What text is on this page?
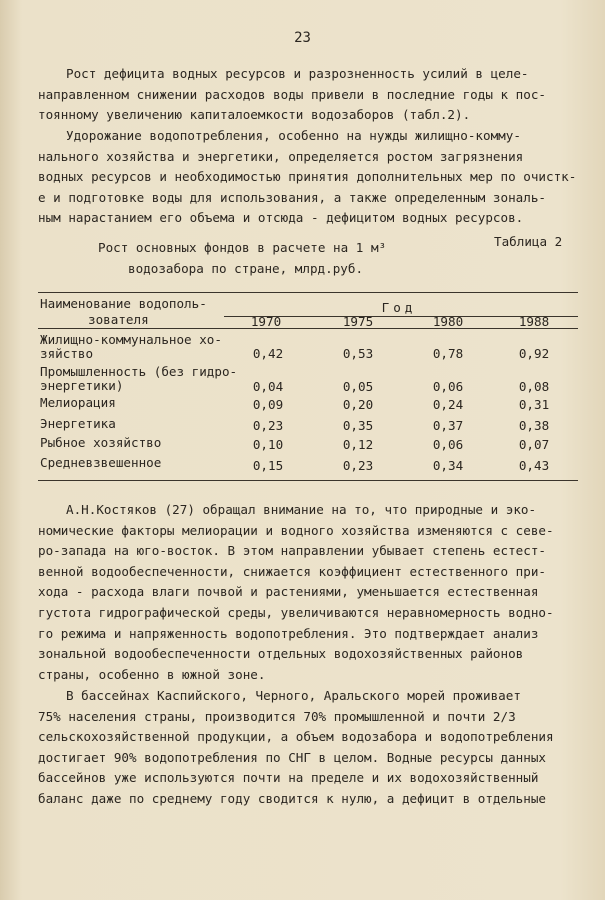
23

Рост дефицита водных ресурсов и разрозненность усилий в целе-
направленном снижении расходов воды привели в последние годы к пос-
тоянному увеличению капиталоемкости водозаборов (табл.2).

Удорожание водопотребления, особенно на нужды жилищно-комму-
нального хозяйства и энергетики, определяется ростом загрязнения
водных ресурсов и необходимостью принятия дополнительных мер по очистк-
е и подготовке воды для использования, а также определенным зональ-
ным нарастанием его объема и отсюда - дефицитом водных ресурсов.

Рост основных фондов в расчете на 1 м³	Таблица 2
водозабора по стране, млрд.руб.
Наименование водополь-
зователя
Год
1970	1975	1980	1988
Жилищно-коммунальное хо-
зяйство	0,42	0,53	0,78	0,92
Промышленность (без гидро-
энергетики)	0,04	0,05	0,06	0,08
Мелиорация	0,09	0,20	0,24	0,31
Энергетика	0,23	0,35	0,37	0,38
Рыбное хозяйство	0,10	0,12	0,06	0,07
Средневзвешенное	0,15	0,23	0,34	0,43

А.Н.Костяков (27) обращал внимание на то, что природные и эко-
номические факторы мелиорации и водного хозяйства изменяются с севе-
ро-запада на юго-восток. В этом направлении убывает степень естест-
венной водообеспеченности, снижается коэффициент естественного при-
хода - расхода влаги почвой и растениями, уменьшается естественная
густота гидрографической среды, увеличиваются неравномерность водно-
го режима и напряженность водопотребления. Это подтверждает анализ
зональной водообеспеченности отдельных водохозяйственных районов
страны, особенно в южной зоне.

В бассейнах Каспийского, Черного, Аральского морей проживает
75% населения страны, производится 70% промышленной и почти 2/3
сельскохозяйственной продукции, а объем водозабора и водопотребления
достигает 90% водопотребления по СНГ в целом. Водные ресурсы данных
бассейнов уже используются почти на пределе и их водохозяйственный
баланс даже по среднему году сводится к нулю, а дефицит в отдельные
